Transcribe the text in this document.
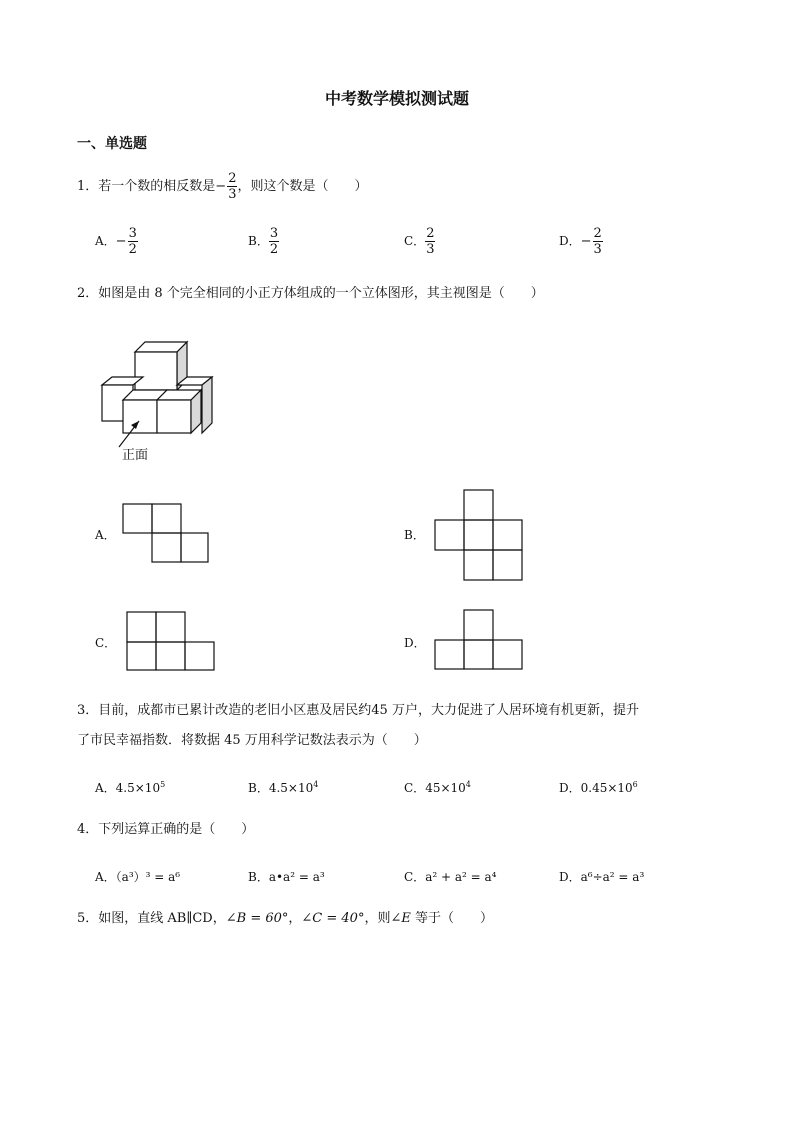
中考数学模拟测试题
一、单选题
1．若一个数的相反数是− $\frac{2}{3}$ ，则这个数是（　　）
A．− $\frac{3}{2}$	B． $\frac{3}{2}$	C． $\frac{2}{3}$	D．− $\frac{2}{3}$
2．如图是由 8 个完全相同的小正方体组成的一个立体图形，其主视图是（　　）
正面
A．	B．
C．	D．
3．目前，成都市已累计改造的老旧小区惠及居民约45 万户，大力促进了人居环境有机更新，提升
了市民幸福指数．将数据 45 万用科学记数法表示为（　　）
A．$4.5\times 10^5$	B．$4.5\times 10^4$	C．$45\times 10^4$	D．$0.45\times 10^6$
4．下列运算正确的是（　　）
A．（a³）³ = a⁶	B．a•a² = a³	C．a² + a² = a⁴	D．a⁶÷a² = a³
5．如图，直线 AB∥CD，∠B = 60°，∠C = 40°，则∠E 等于（　　）
